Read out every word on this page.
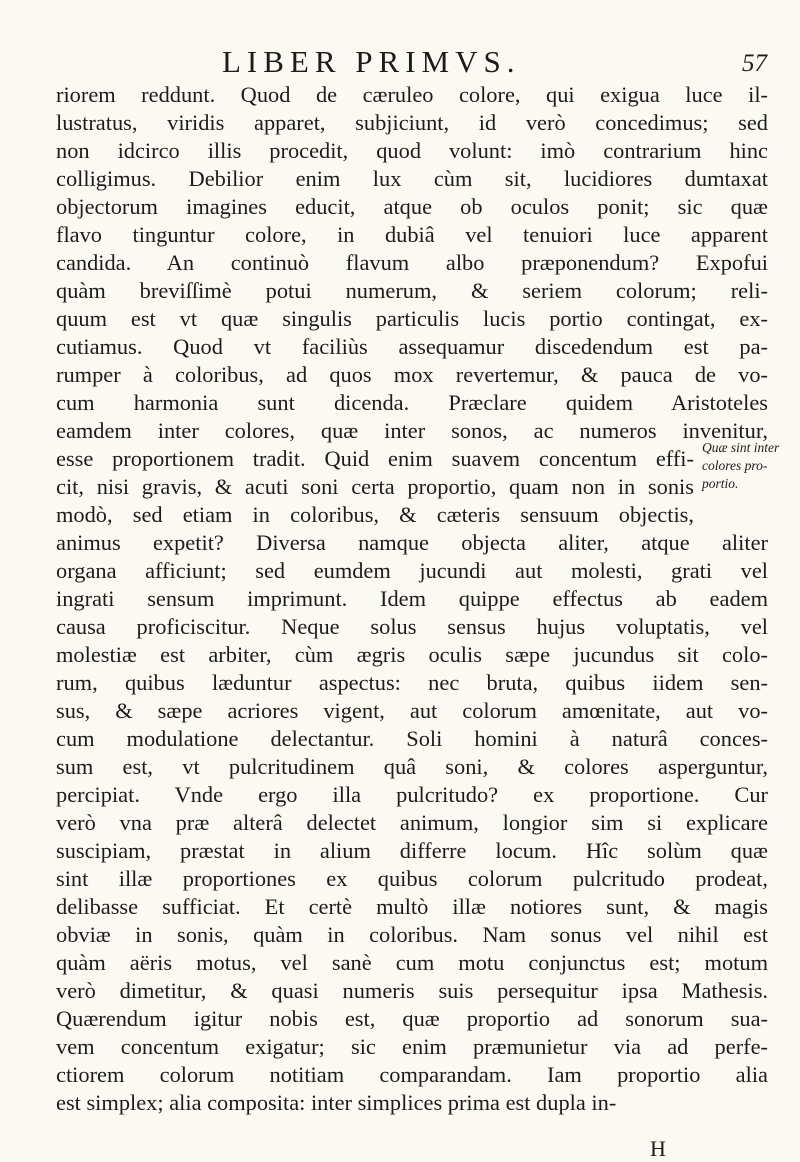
LIBER PRIMVS.	57
riorem reddunt. Quod de cæruleo colore, qui exigua luce il-
lustratus, viridis apparet, subjiciunt, id verò concedimus; sed
non idcirco illis procedit, quod volunt: imò contrarium hinc
colligimus. Debilior enim lux cùm sit, lucidiores dumtaxat
objectorum imagines educit, atque ob oculos ponit; sic quæ
flavo tinguntur colore, in dubiâ vel tenuiori luce apparent
candida. An continuò flavum albo præponendum? Expofui
quàm breviſſimè potui numerum, & seriem colorum; reli-
quum est vt quæ singulis particulis lucis portio contingat, ex-
cutiamus. Quod vt faciliùs assequamur discedendum est pa-
rumper à coloribus, ad quos mox revertemur, & pauca de vo-
cum harmonia sunt dicenda. Præclare quidem Aristoteles
eamdem inter colores, quæ inter sonos, ac numeros invenitur,
esse proportionem tradit. Quid enim suavem concentum effi-
cit, nisi gravis, & acuti soni certa proportio, quam non in sonis
modò, sed etiam in coloribus, & cæteris sensuum objectis,
animus expetit? Diversa namque objecta aliter, atque aliter
organa afficiunt; sed eumdem jucundi aut molesti, grati vel
ingrati sensum imprimunt. Idem quippe effectus ab eadem
causa proficiscitur. Neque solus sensus hujus voluptatis, vel
molestiæ est arbiter, cùm ægris oculis sæpe jucundus sit colo-
rum, quibus læduntur aspectus: nec bruta, quibus iidem sen-
sus, & sæpe acriores vigent, aut colorum amœnitate, aut vo-
cum modulatione delectantur. Soli homini à naturâ conces-
sum est, vt pulcritudinem quâ soni, & colores asperguntur,
percipiat. Vnde ergo illa pulcritudo? ex proportione. Cur
verò vna præ alterâ delectet animum, longior sim si explicare
suscipiam, præstat in alium differre locum. Hîc solùm quæ
sint illæ proportiones ex quibus colorum pulcritudo prodeat,
delibasse sufficiat. Et certè multò illæ notiores sunt, & magis
obviæ in sonis, quàm in coloribus. Nam sonus vel nihil est
quàm aëris motus, vel sanè cum motu conjunctus est; motum
verò dimetitur, & quasi numeris suis persequitur ipsa Mathesis.
Quærendum igitur nobis est, quæ proportio ad sonorum sua-
vem concentum exigatur; sic enim præmunietur via ad perfe-
ctiorem colorum notitiam comparandam. Iam proportio alia
est simplex; alia composita: inter simplices prima est dupla in-
Quæ sint inter
colores pro-
portio.
H
